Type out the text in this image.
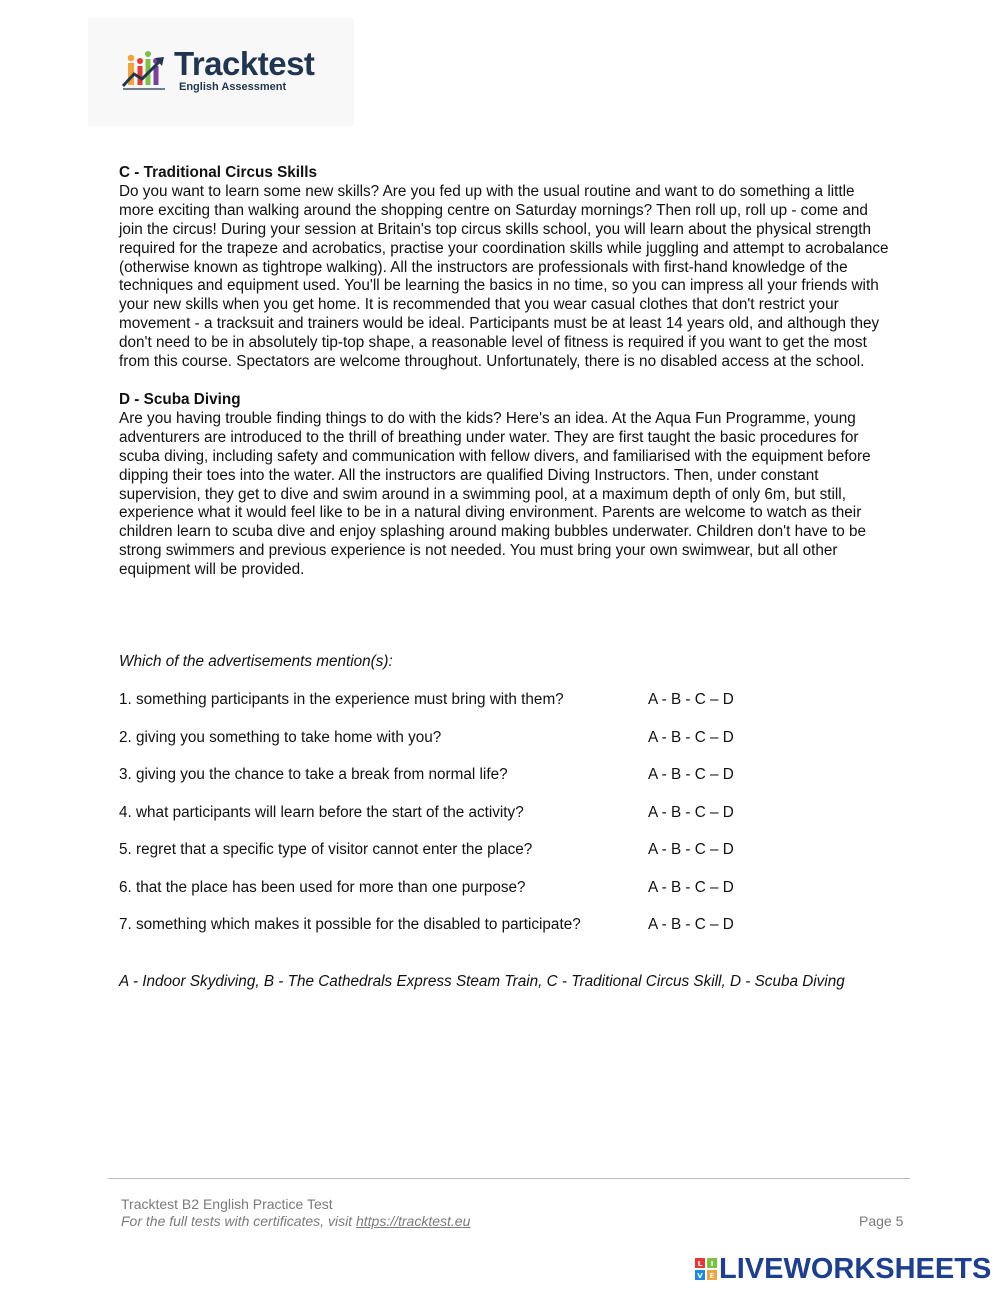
Tracktest
English Assessment

C - Traditional Circus Skills

Do you want to learn some new skills? Are you fed up with the usual routine and want to do something a little more exciting than walking around the shopping centre on Saturday mornings? Then roll up, roll up - come and join the circus! During your session at Britain's top circus skills school, you will learn about the physical strength required for the trapeze and acrobatics, practise your coordination skills while juggling and attempt to acrobalance (otherwise known as tightrope walking). All the instructors are professionals with first-hand knowledge of the techniques and equipment used. You'll be learning the basics in no time, so you can impress all your friends with your new skills when you get home. It is recommended that you wear casual clothes that don't restrict your movement - a tracksuit and trainers would be ideal. Participants must be at least 14 years old, and although they don't need to be in absolutely tip-top shape, a reasonable level of fitness is required if you want to get the most from this course. Spectators are welcome throughout. Unfortunately, there is no disabled access at the school.

D - Scuba Diving

Are you having trouble finding things to do with the kids? Here's an idea. At the Aqua Fun Programme, young adventurers are introduced to the thrill of breathing under water. They are first taught the basic procedures for scuba diving, including safety and communication with fellow divers, and familiarised with the equipment before dipping their toes into the water. All the instructors are qualified Diving Instructors. Then, under constant supervision, they get to dive and swim around in a swimming pool, at a maximum depth of only 6m, but still, experience what it would feel like to be in a natural diving environment. Parents are welcome to watch as their children learn to scuba dive and enjoy splashing around making bubbles underwater. Children don't have to be strong swimmers and previous experience is not needed. You must bring your own swimwear, but all other equipment will be provided.

Which of the advertisements mention(s):
1. something participants in the experience must bring with them?	A - B - C – D
2. giving you something to take home with you?	A - B - C – D
3. giving you the chance to take a break from normal life?	A - B - C – D
4. what participants will learn before the start of the activity?	A - B - C – D
5. regret that a specific type of visitor cannot enter the place?	A - B - C – D
6. that the place has been used for more than one purpose?	A - B - C – D
7. something which makes it possible for the disabled to participate?	A - B - C – D
A - Indoor Skydiving, B - The Cathedrals Express Steam Train, C - Traditional Circus Skill, D - Scuba Diving
Tracktest B2 English Practice Test
For the full tests with certificates, visit https://tracktest.eu	Page 5
L I
V E LIVEWORKSHEETS
